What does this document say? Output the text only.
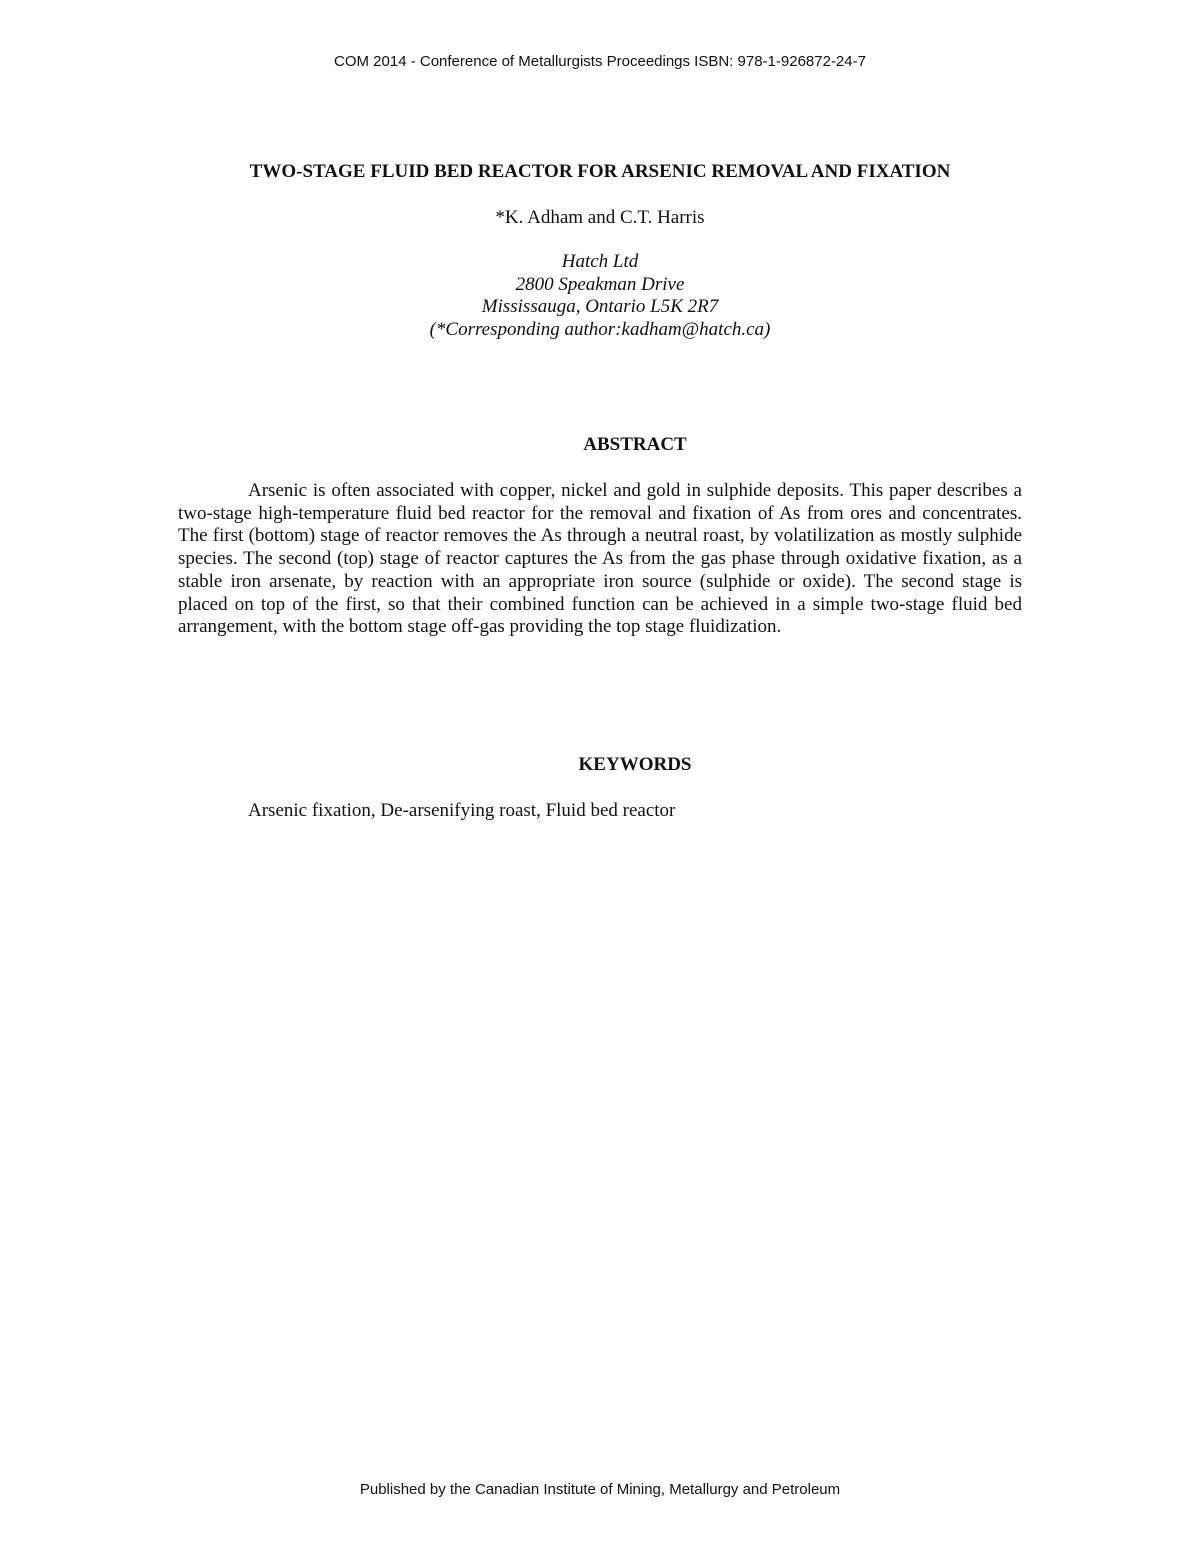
COM 2014 - Conference of Metallurgists Proceedings ISBN: 978-1-926872-24-7
TWO-STAGE FLUID BED REACTOR FOR ARSENIC REMOVAL AND FIXATION
*K. Adham and C.T. Harris
Hatch Ltd
2800 Speakman Drive
Mississauga, Ontario L5K 2R7
(*Corresponding author:kadham@hatch.ca)
ABSTRACT
Arsenic is often associated with copper, nickel and gold in sulphide deposits. This paper describes a two-stage high-temperature fluid bed reactor for the removal and fixation of As from ores and concentrates. The first (bottom) stage of reactor removes the As through a neutral roast, by volatilization as mostly sulphide species. The second (top) stage of reactor captures the As from the gas phase through oxidative fixation, as a stable iron arsenate, by reaction with an appropriate iron source (sulphide or oxide). The second stage is placed on top of the first, so that their combined function can be achieved in a simple two-stage fluid bed arrangement, with the bottom stage off-gas providing the top stage fluidization.
KEYWORDS
Arsenic fixation, De-arsenifying roast, Fluid bed reactor
Published by the Canadian Institute of Mining, Metallurgy and Petroleum
